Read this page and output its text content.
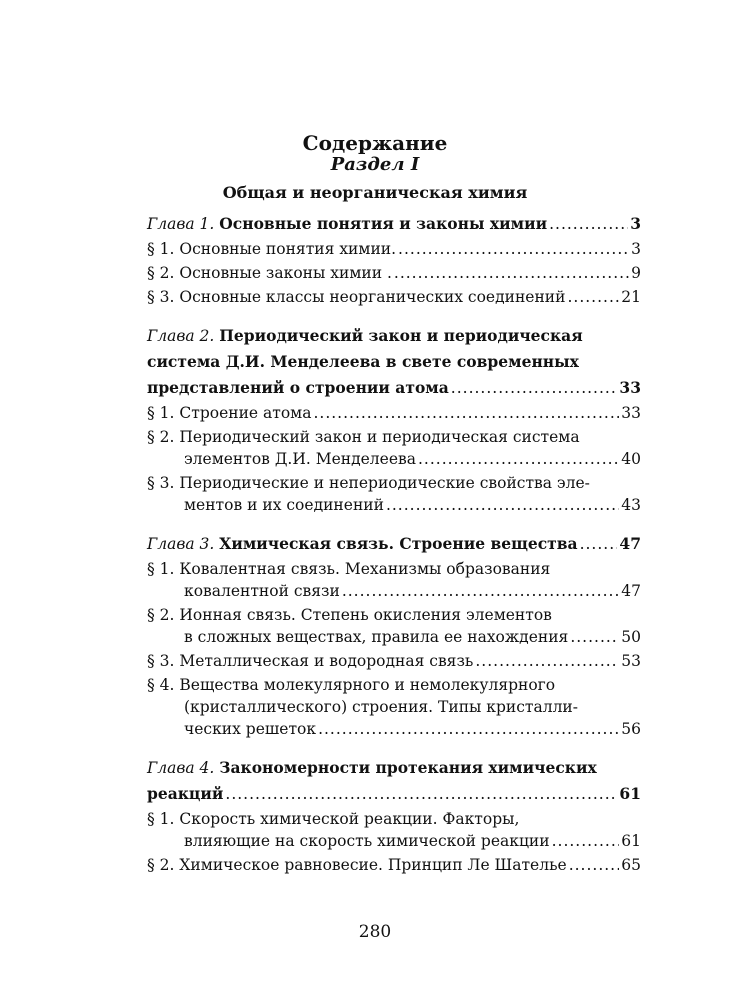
Содержание
Раздел I
Общая и неорганическая химия
Глава 1.
Основные понятия и законы химии .....	3
§ 1. Основные понятия химии. .....	3
§ 2. Основные законы химии . .....	9
§ 3. Основные классы неорганических соединений .....	21
Глава 2.
Периодический закон и периодическая
система Д.И. Менделеева в свете современных
представлений о строении атома .....	33
§ 1. Строение атома .....	33
§ 2. Периодический закон и периодическая система
элементов Д.И. Менделеева .....	40
§ 3. Периодические и непериодические свойства эле-
ментов и их соединений .....	43
Глава 3.
Химическая связь. Строение вещества .....	47
§ 1. Ковалентная связь. Механизмы образования
ковалентной связи .....	47
§ 2. Ионная связь. Степень окисления элементов
в сложных веществах, правила ее нахождения .....	50
§ 3. Металлическая и водородная связь .....	53
§ 4. Вещества молекулярного и немолекулярного
(кристаллического) строения. Типы кристалли-
ческих решеток .....	56
Глава 4.
Закономерности протекания химических
реакций .....	61
§ 1. Скорость химической реакции. Факторы,
влияющие на скорость химической реакции .....	61
§ 2. Химическое равновесие. Принцип Ле Шателье .....	65
280
